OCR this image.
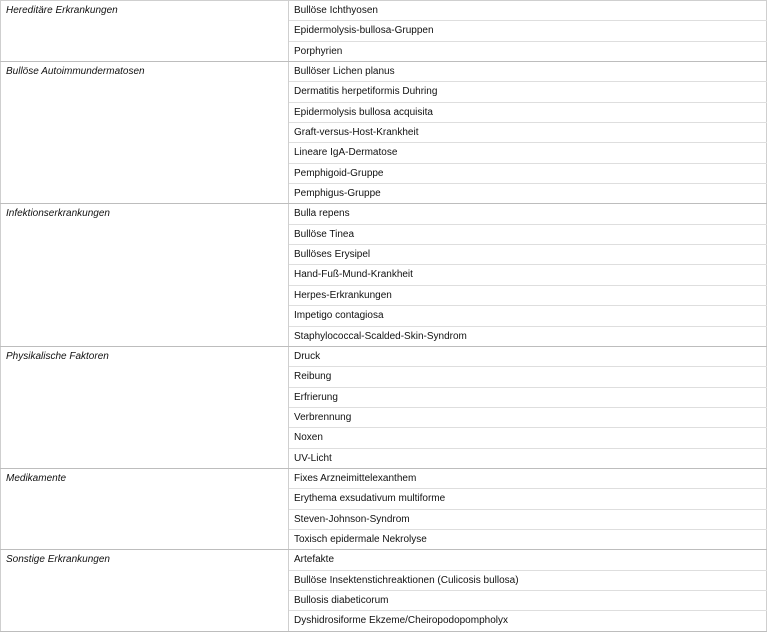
Hereditäre Erkrankungen	Bullöse Ichthyosen
	Epidermolysis-bullosa-Gruppen
	Porphyrien
Bullöse Autoimmundermatosen	Bullöser Lichen planus
	Dermatitis herpetiformis Duhring
	Epidermolysis bullosa acquisita
	Graft-versus-Host-Krankheit
	Lineare IgA-Dermatose
	Pemphigoid-Gruppe
	Pemphigus-Gruppe
Infektionserkrankungen	Bulla repens
	Bullöse Tinea
	Bullöses Erysipel
	Hand-Fuß-Mund-Krankheit
	Herpes-Erkrankungen
	Impetigo contagiosa
	Staphylococcal-Scalded-Skin-Syndrom
Physikalische Faktoren	Druck
	Reibung
	Erfrierung
	Verbrennung
	Noxen
	UV-Licht
Medikamente	Fixes Arzneimittelexanthem
	Erythema exsudativum multiforme
	Steven-Johnson-Syndrom
	Toxisch epidermale Nekrolyse
Sonstige Erkrankungen	Artefakte
	Bullöse Insektenstichreaktionen (Culicosis bullosa)
	Bullosis diabeticorum
	Dyshidrosiforme Ekzeme/Cheiropodopompholyx
